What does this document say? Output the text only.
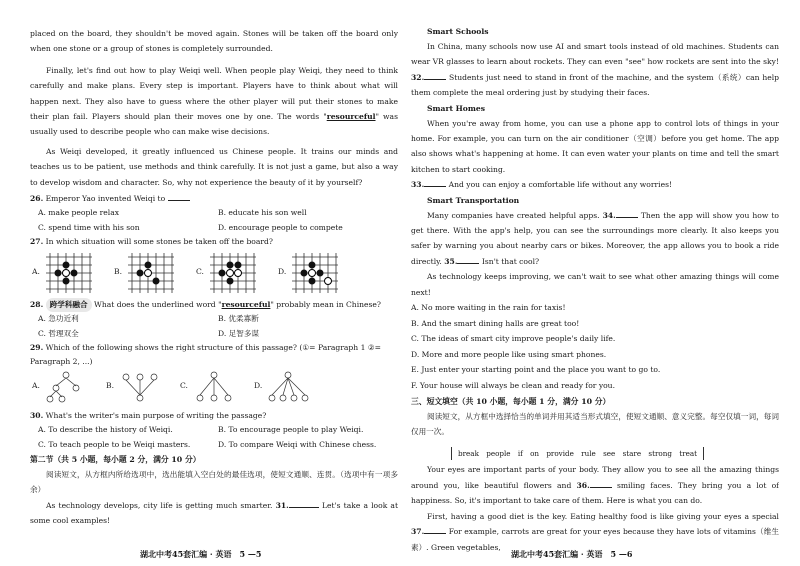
placed on the board, they shouldn't be moved again. Stones will be taken off the board only when one stone or a group of stones is completely surrounded.

Finally, let's find out how to play Weiqi well. When people play Weiqi, they need to think carefully and make plans. Every step is important. Players have to think about what will happen next. They also have to guess where the other player will put their stones to make their plan fail. Players should plan their moves one by one. The words "resourceful" was usually used to describe people who can make wise decisions.

As Weiqi developed, it greatly influenced us Chinese people. It trains our minds and teaches us to be patient, use methods and think carefully. It is not just a game, but also a way to develop wisdom and character. So, why not experience the beauty of it by yourself?

26. Emperor Yao invented Weiqi to
A. make people relax	B. educate his son well
C. spend time with his son	D. encourage people to compete
27. In which situation will some stones be taken off the board?
A.	B.	C.	D.
28. 跨学科融合 What does the underlined word "resourceful" probably mean in Chinese?
A. 急功近利	B. 优柔寡断
C. 哲理双全	D. 足智多谋
29. Which of the following shows the right structure of this passage? (①= Paragraph 1 ②= Paragraph 2, ...)
A.	B.	C.	D.
30. What's the writer's main purpose of writing the passage?
A. To describe the history of Weiqi.	B. To encourage people to play Weiqi.
C. To teach people to be Weiqi masters.	D. To compare Weiqi with Chinese chess.
第二节（共 5 小题，每小题 2 分，满分 10 分）

阅读短文，从方框内所给选项中，选出能填入空白处的最佳选项，使短文通顺、连贯。（选项中有一项多余）

As technology develops, city life is getting much smarter. 31.	Let's take a look at some cool examples!

湖北中考45套汇编 · 英语　5 —5
Smart Schools

In China, many schools now use AI and smart tools instead of old machines. Students can wear VR glasses to learn about rockets. They can even "see" how rockets are sent into the sky! 32.	Students just need to stand in front of the machine, and the system（系统）can help them complete the meal ordering just by studying their faces.

Smart Homes

When you're away from home, you can use a phone app to control lots of things in your home. For example, you can turn on the air conditioner（空调）before you get home. The app also shows what's happening at home. It can even water your plants on time and tell the smart kitchen to start cooking.

33.	And you can enjoy a comfortable life without any worries!

Smart Transportation

Many companies have created helpful apps. 34.	Then the app will show you how to get there. With the app's help, you can see the surroundings more clearly. It also keeps you safer by warning you about nearby cars or bikes. Moreover, the app allows you to book a ride directly. 35.	Isn't that cool?

As technology keeps improving, we can't wait to see what other amazing things will come next!

A. No more waiting in the rain for taxis!
B. And the smart dining halls are great too!
C. The ideas of smart city improve people's daily life.
D. More and more people like using smart phones.
E. Just enter your starting point and the place you want to go to.
F. Your house will always be clean and ready for you.
三、短文填空（共 10 小题，每小题 1 分，满分 10 分）

阅读短文，从方框中选择恰当的单词并用其适当形式填空，使短文通顺、意义完整。每空仅填一词，每词仅用一次。

break people if on provide rule see stare strong treat

Your eyes are important parts of your body. They allow you to see all the amazing things around you, like beautiful flowers and 36.	smiling faces. They bring you a lot of happiness. So, it's important to take care of them. Here is what you can do.

First, having a good diet is the key. Eating healthy food is like giving your eyes a special 37.	For example, carrots are great for your eyes because they have lots of vitamins（维生素）. Green vegetables,

湖北中考45套汇编 · 英语　5 —6
